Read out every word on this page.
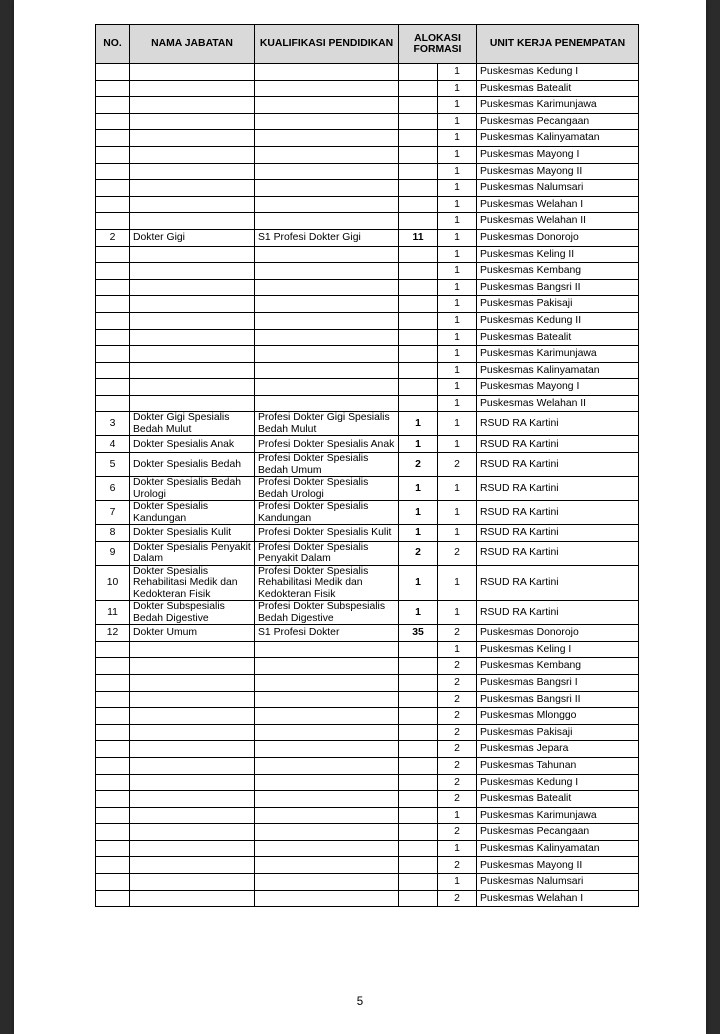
NO.	NAMA JABATAN	KUALIFIKASI PENDIDIKAN	ALOKASI FORMASI		UNIT KERJA PENEMPATAN
				1	Puskesmas Kedung I
				1	Puskesmas Batealit
				1	Puskesmas Karimunjawa
				1	Puskesmas Pecangaan
				1	Puskesmas Kalinyamatan
				1	Puskesmas Mayong I
				1	Puskesmas Mayong II
				1	Puskesmas Nalumsari
				1	Puskesmas Welahan I
				1	Puskesmas Welahan II
2	Dokter Gigi	S1 Profesi Dokter Gigi	11	1	Puskesmas Donorojo
				1	Puskesmas Keling II
				1	Puskesmas Kembang
				1	Puskesmas Bangsri II
				1	Puskesmas Pakisaji
				1	Puskesmas Kedung II
				1	Puskesmas Batealit
				1	Puskesmas Karimunjawa
				1	Puskesmas Kalinyamatan
				1	Puskesmas Mayong I
				1	Puskesmas Welahan II
3	Dokter Gigi Spesialis Bedah Mulut	Profesi Dokter Gigi Spesialis Bedah Mulut	1	1	RSUD RA Kartini
4	Dokter Spesialis Anak	Profesi Dokter Spesialis Anak	1	1	RSUD RA Kartini
5	Dokter Spesialis Bedah	Profesi Dokter Spesialis Bedah Umum	2	2	RSUD RA Kartini
6	Dokter Spesialis Bedah Urologi	Profesi Dokter Spesialis Bedah Urologi	1	1	RSUD RA Kartini
7	Dokter Spesialis Kandungan	Profesi Dokter Spesialis Kandungan	1	1	RSUD RA Kartini
8	Dokter Spesialis Kulit	Profesi Dokter Spesialis Kulit	1	1	RSUD RA Kartini
9	Dokter Spesialis Penyakit Dalam	Profesi Dokter Spesialis Penyakit Dalam	2	2	RSUD RA Kartini
10	Dokter Spesialis Rehabilitasi Medik dan Kedokteran Fisik	Profesi Dokter Spesialis Rehabilitasi Medik dan Kedokteran Fisik	1	1	RSUD RA Kartini
11	Dokter Subspesialis Bedah Digestive	Profesi Dokter Subspesialis Bedah Digestive	1	1	RSUD RA Kartini
12	Dokter Umum	S1 Profesi Dokter	35	2	Puskesmas Donorojo
				1	Puskesmas Keling I
				2	Puskesmas Kembang
				2	Puskesmas Bangsri I
				2	Puskesmas Bangsri II
				2	Puskesmas Mlonggo
				2	Puskesmas Pakisaji
				2	Puskesmas Jepara
				2	Puskesmas Tahunan
				2	Puskesmas Kedung I
				2	Puskesmas Batealit
				1	Puskesmas Karimunjawa
				2	Puskesmas Pecangaan
				1	Puskesmas Kalinyamatan
				2	Puskesmas Mayong II
				1	Puskesmas Nalumsari
				2	Puskesmas Welahan I
5
